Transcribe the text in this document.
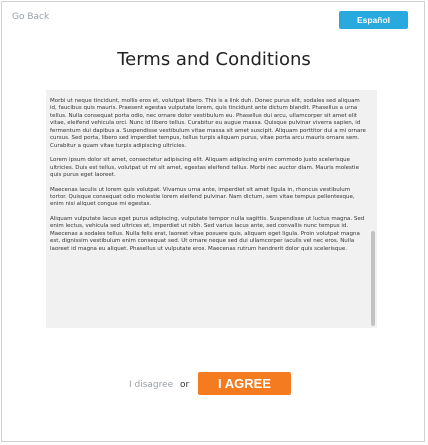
Go Back	Español
Terms and Conditions

Morbi ut neque tincidunt, mollis eros et, volutpat libero. This is a link duh. Donec purus elit, sodales sed aliquam id, faucibus quis mauris. Praesent egestas vulputate lorem, quis tincidunt ante dictum blandit. Phasellus a urna tellus. Nulla consequat porta odio, nec ornare dolor vestibulum eu. Phasellus dui arcu, ullamcorper sit amet elit vitae, eleifend vehicula orci. Nunc id libero tellus. Curabitur eu augue massa. Quisque pulvinar viverra sapien, id fermentum dui dapibus a. Suspendisse vestibulum vitae massa sit amet suscipit. Aliquam porttitor dui a mi ornare cursus. Sed porta, libero sed imperdiet tempus, tellus turpis aliquam purus, vitae porta arcu mauris ornare sem. Curabitur a quam vitae turpis adipiscing ultricies.

Lorem ipsum dolor sit amet, consectetur adipiscing elit. Aliquam adipiscing enim commodo justo scelerisque ultricies. Duis est tellus, volutpat ut mi sit amet, egestas eleifend tellus. Morbi nec auctor diam. Mauris molestie quis purus eget laoreet.

Maecenas iaculis ut lorem quis volutpat. Vivamus urna ante, imperdiet sit amet ligula in, rhoncus vestibulum tortor. Quisque consequat odio molestie lorem eleifend pulvinar. Nam dictum, sem vitae tempus pellentesque, enim nisi aliquet congue mi egestas.

Aliquam vulputate lacus eget purus adipiscing, vulputate tempor nulla sagittis. Suspendisse ut luctus magna. Sed enim lectus, vehicula sed ultrices et, imperdiet ut nibh. Sed varius lacus ante, sed convallis nunc tempus id. Maecenas a sodales tellus. Nulla felis erat, laoreet vitae posuere quis, aliquam eget ligula. Proin volutpat magna est, dignissim vestibulum enim consequat sed. Ut ornare neque sed dui ullamcorper iaculis vel nec eros. Nulla laoreet id magna eu aliquet. Phasellus ut vulputate eros. Maecenas rutrum hendrerit dolor quis scelerisque.

I disagree or	I AGREE
